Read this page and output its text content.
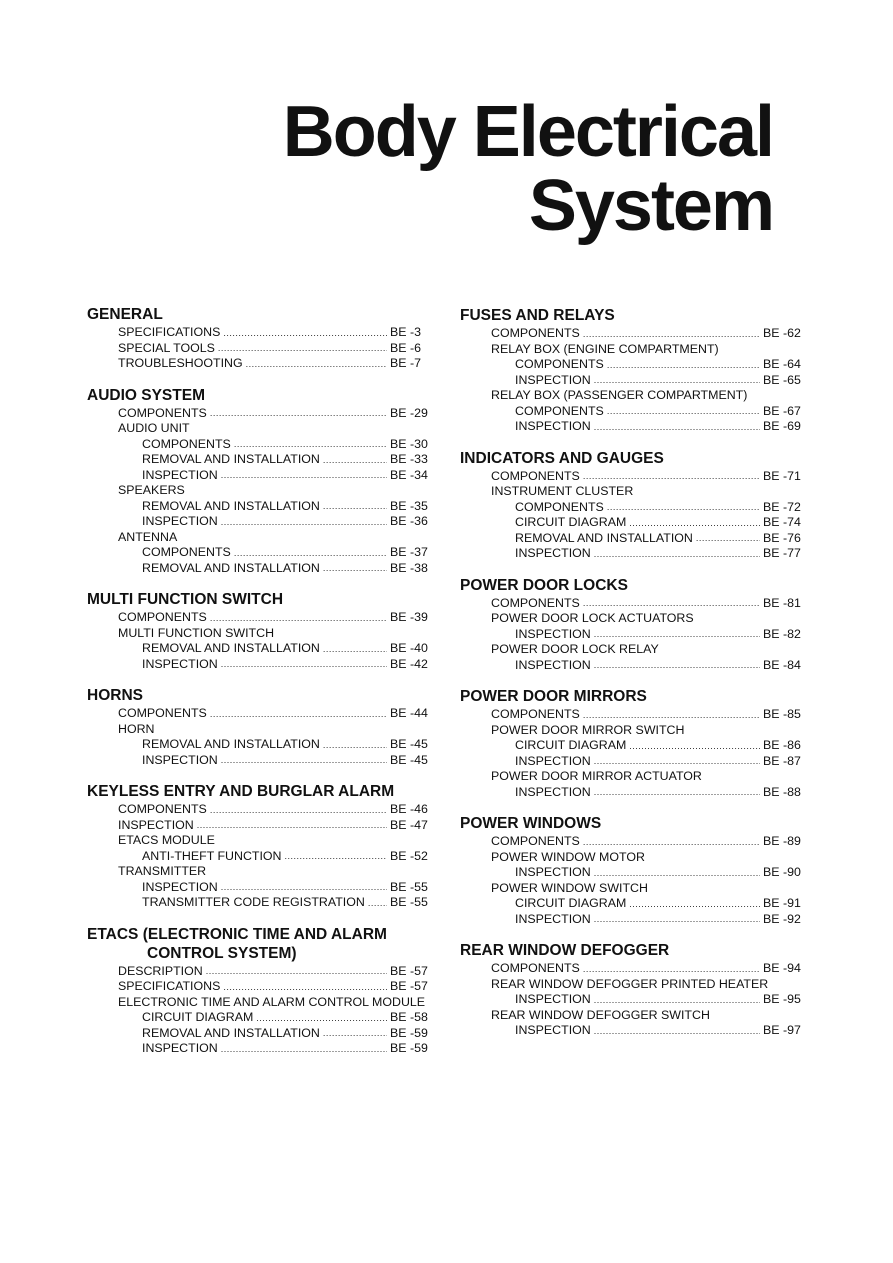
Body Electrical
System
GENERAL
SPECIFICATIONS .....	BE -3
SPECIAL TOOLS .....	BE -6
TROUBLESHOOTING .....	BE -7
AUDIO SYSTEM
COMPONENTS .....	BE -29
AUDIO UNIT
COMPONENTS .....	BE -30
REMOVAL AND INSTALLATION .....	BE -33
INSPECTION .....	BE -34
SPEAKERS
REMOVAL AND INSTALLATION .....	BE -35
INSPECTION .....	BE -36
ANTENNA
COMPONENTS .....	BE -37
REMOVAL AND INSTALLATION .....	BE -38
MULTI FUNCTION SWITCH
COMPONENTS .....	BE -39
MULTI FUNCTION SWITCH
REMOVAL AND INSTALLATION .....	BE -40
INSPECTION .....	BE -42
HORNS
COMPONENTS .....	BE -44
HORN
REMOVAL AND INSTALLATION .....	BE -45
INSPECTION .....	BE -45
KEYLESS ENTRY AND BURGLAR ALARM
COMPONENTS .....	BE -46
INSPECTION .....	BE -47
ETACS MODULE
ANTI-THEFT FUNCTION .....	BE -52
TRANSMITTER
INSPECTION .....	BE -55
TRANSMITTER CODE REGISTRATION ..... BE -55
ETACS (ELECTRONIC TIME AND ALARM
CONTROL SYSTEM)
DESCRIPTION .....	BE -57
SPECIFICATIONS .....	BE -57
ELECTRONIC TIME AND ALARM CONTROL MODULE
CIRCUIT DIAGRAM .....	BE -58
REMOVAL AND INSTALLATION .....	BE -59
INSPECTION .....	BE -59
FUSES AND RELAYS
COMPONENTS .....	BE -62
RELAY BOX (ENGINE COMPARTMENT)
COMPONENTS .....	BE -64
INSPECTION .....	BE -65
RELAY BOX (PASSENGER COMPARTMENT)
COMPONENTS .....	BE -67
INSPECTION .....	BE -69
INDICATORS AND GAUGES
COMPONENTS .....	BE -71
INSTRUMENT CLUSTER
COMPONENTS .....	BE -72
CIRCUIT DIAGRAM .....	BE -74
REMOVAL AND INSTALLATION .....	BE -76
INSPECTION .....	BE -77
POWER DOOR LOCKS
COMPONENTS .....	BE -81
POWER DOOR LOCK ACTUATORS
INSPECTION .....	BE -82
POWER DOOR LOCK RELAY
INSPECTION .....	BE -84
POWER DOOR MIRRORS
COMPONENTS .....	BE -85
POWER DOOR MIRROR SWITCH
CIRCUIT DIAGRAM .....	BE -86
INSPECTION .....	BE -87
POWER DOOR MIRROR ACTUATOR
INSPECTION .....	BE -88
POWER WINDOWS
COMPONENTS .....	BE -89
POWER WINDOW MOTOR
INSPECTION .....	BE -90
POWER WINDOW SWITCH
CIRCUIT DIAGRAM .....	BE -91
INSPECTION .....	BE -92
REAR WINDOW DEFOGGER
COMPONENTS .....	BE -94
REAR WINDOW DEFOGGER PRINTED HEATER
INSPECTION .....	BE -95
REAR WINDOW DEFOGGER SWITCH
INSPECTION .....	BE -97
